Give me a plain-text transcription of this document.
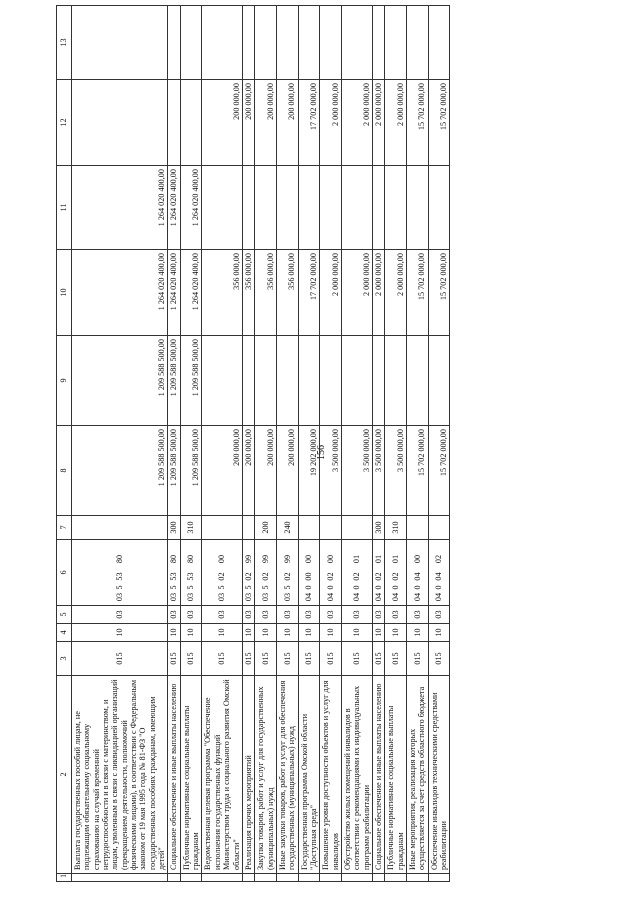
156
1	2	3	4	5	6	7	8	9	10	11	12	13
	Выплата государственных пособий лицам, не подлежащим обязательному социальному страхованию на случай временной нетрудоспособности и в связи с материнством, и лицам, уволенным в связи с ликвидацией организаций (прекращением деятельности, полномочий физическими лицами), в соответствии с Федеральным законом от 19 мая 1995 года № 81-ФЗ "О государственных пособиях гражданам, имеющим детей"	015	10	03	0355380		1 209 588 500,00	1 209 588 500,00	1 264 020 400,00	1 264 020 400,00		
	Социальное обеспечение и иные выплаты населению	015	10	03	0355380	300	1 209 588 500,00	1 209 588 500,00	1 264 020 400,00	1 264 020 400,00		
	Публичные нормативные социальные выплаты гражданам	015	10	03	0355380	310	1 209 588 500,00	1 209 588 500,00	1 264 020 400,00	1 264 020 400,00		
	Ведомственная целевая программа "Обеспечение исполнения государственных функций Министерством труда и социального развития Омской области"	015	10	03	0350200		200 000,00		356 000,00		200 000,00	
	Реализация прочих мероприятий	015	10	03	0350299		200 000,00		356 000,00		200 000,00	
	Закупка товаров, работ и услуг для государственных (муниципальных) нужд	015	10	03	0350299	200	200 000,00		356 000,00		200 000,00	
	Иные закупки товаров, работ и услуг для обеспечения государственных (муниципальных) нужд	015	10	03	0350299	240	200 000,00		356 000,00		200 000,00	
	Государственная программа Омской области "Доступная среда"	015	10	03	0400000		19 202 000,00		17 702 000,00		17 702 000,00	
	Повышение уровня доступности объектов и услуг для инвалидов	015	10	03	0400200		3 500 000,00		2 000 000,00		2 000 000,00	
	Обустройство жилых помещений инвалидов в соответствии с рекомендациями их индивидуальных программ реабилитации	015	10	03	0400201		3 500 000,00		2 000 000,00		2 000 000,00	
	Социальное обеспечение и иные выплаты населению	015	10	03	0400201	300	3 500 000,00		2 000 000,00		2 000 000,00	
	Публичные нормативные социальные выплаты гражданам	015	10	03	0400201	310	3 500 000,00		2 000 000,00		2 000 000,00	
	Иные мероприятия, реализация которых осуществляется за счет средств областного бюджета	015	10	03	0400400		15 702 000,00		15 702 000,00		15 702 000,00	
	Обеспечение инвалидов техническими средствами реабилитации	015	10	03	0400402		15 702 000,00		15 702 000,00		15 702 000,00	
